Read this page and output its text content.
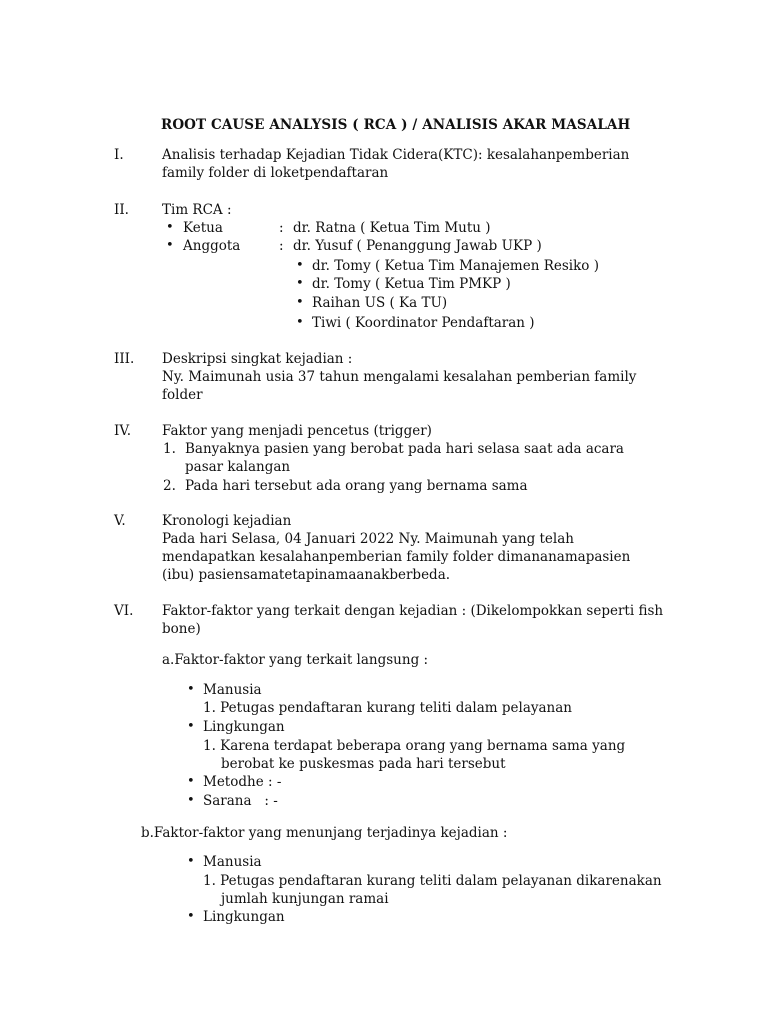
ROOT CAUSE ANALYSIS ( RCA ) / ANALISIS AKAR MASALAH
I.	Analisis terhadap Kejadian Tidak Cidera(KTC): kesalahanpemberian
family folder di loketpendaftaran
II. Tim RCA :
• Ketua	: dr. Ratna ( Ketua Tim Mutu )
• Anggota	: dr. Yusuf ( Penanggung Jawab UKP )
• dr. Tomy ( Ketua Tim Manajemen Resiko )
• dr. Tomy ( Ketua Tim PMKP )
• Raihan US ( Ka TU)
• Tiwi ( Koordinator Pendaftaran )
III. Deskripsi singkat kejadian :
Ny. Maimunah usia 37 tahun mengalami kesalahan pemberian family
folder
IV. Faktor yang menjadi pencetus (trigger)
1. Banyaknya pasien yang berobat pada hari selasa saat ada acara
pasar kalangan
2. Pada hari tersebut ada orang yang bernama sama
V.	Kronologi kejadian
Pada hari Selasa, 04 Januari 2022 Ny. Maimunah yang telah
mendapatkan kesalahanpemberian family folder dimananamapasien
(ibu) pasiensamatetapinamaanakberbeda.
VI. Faktor-faktor yang terkait dengan kejadian : (Dikelompokkan seperti fish
bone)
a.Faktor-faktor yang terkait langsung :
• Manusia
1. Petugas pendaftaran kurang teliti dalam pelayanan
• Lingkungan
1. Karena terdapat beberapa orang yang bernama sama yang
berobat ke puskesmas pada hari tersebut
• Metodhe : -
• Sarana   : -
b.Faktor-faktor yang menunjang terjadinya kejadian :
• Manusia
1. Petugas pendaftaran kurang teliti dalam pelayanan dikarenakan
jumlah kunjungan ramai
• Lingkungan
